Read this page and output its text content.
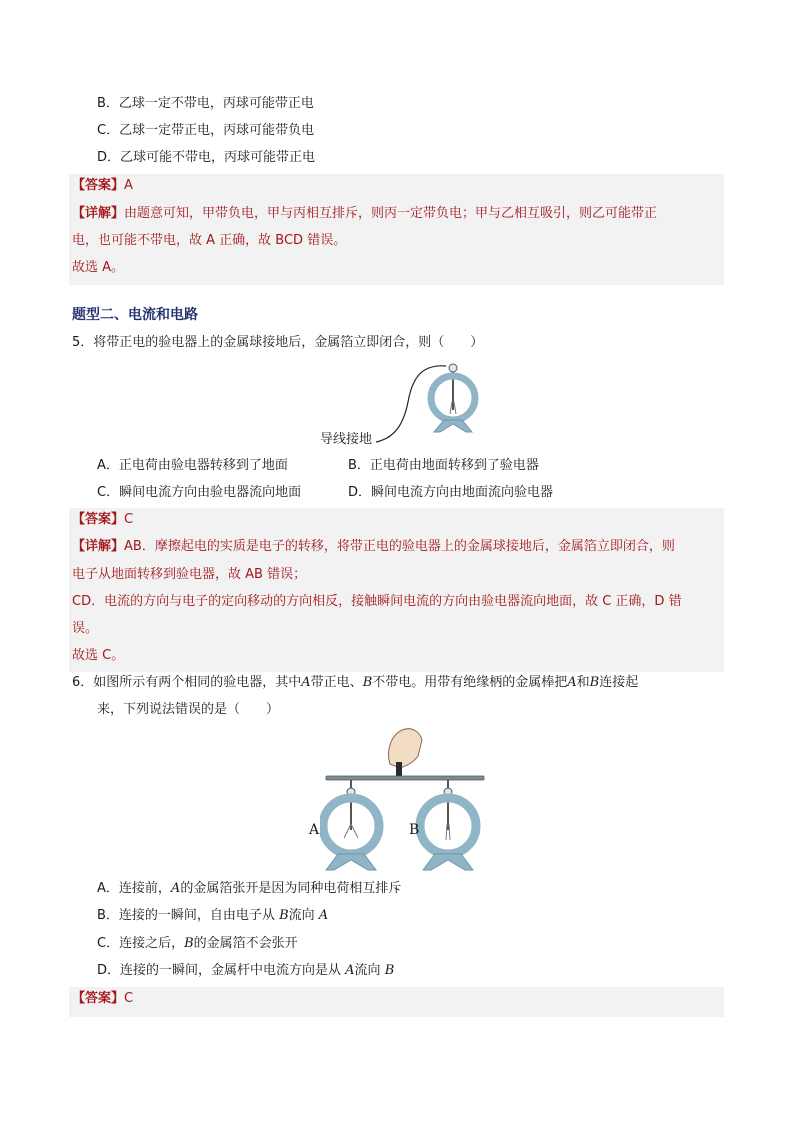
B．乙球一定不带电，丙球可能带正电
C．乙球一定带正电，丙球可能带负电
D．乙球可能不带电，丙球可能带正电
【答案】A
【详解】由题意可知，甲带负电，甲与丙相互排斥，则丙一定带负电；甲与乙相互吸引，则乙可能带正
电，也可能不带电，故 A 正确，故 BCD 错误。
故选 A。
题型二、电流和电路
5．将带正电的验电器上的金属球接地后，金属箔立即闭合，则（　　）
导线接地
A．正电荷由验电器转移到了地面	B．正电荷由地面转移到了验电器
C．瞬间电流方向由验电器流向地面	D．瞬间电流方向由地面流向验电器
【答案】C
【详解】AB．摩擦起电的实质是电子的转移，将带正电的验电器上的金属球接地后，金属箔立即闭合，则
电子从地面转移到验电器，故 AB 错误；
CD．电流的方向与电子的定向移动的方向相反，接触瞬间电流的方向由验电器流向地面，故 C 正确，D 错
误。
故选 C。
6．如图所示有两个相同的验电器，其中A带正电、B不带电。用带有绝缘柄的金属棒把A和B连接起
来，下列说法错误的是（　　）
A	B
A．连接前，A的金属箔张开是因为同种电荷相互排斥
B．连接的一瞬间，自由电子从 B流向 A
C．连接之后，B的金属箔不会张开
D．连接的一瞬间，金属杆中电流方向是从 A流向 B
【答案】C
